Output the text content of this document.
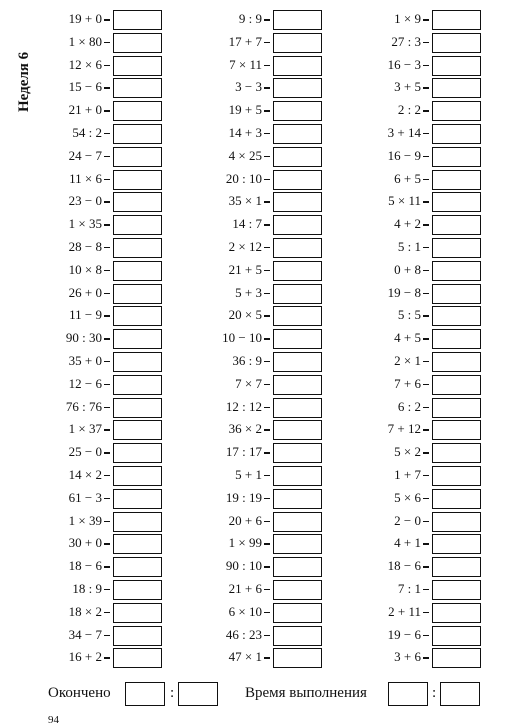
Неделя 6
19 + 0
1 × 80
12 × 6
15 − 6
21 + 0
54 : 2
24 − 7
11 × 6
23 − 0
1 × 35
28 − 8
10 × 8
26 + 0
11 − 9
90 : 30
35 + 0
12 − 6
76 : 76
1 × 37
25 − 0
14 × 2
61 − 3
1 × 39
30 + 0
18 − 6
18 : 9
18 × 2
34 − 7
16 + 2
9 : 9
17 + 7
7 × 11
3 − 3
19 + 5
14 + 3
4 × 25
20 : 10
35 × 1
14 : 7
2 × 12
21 + 5
5 + 3
20 × 5
10 − 10
36 : 9
7 × 7
12 : 12
36 × 2
17 : 17
5 + 1
19 : 19
20 + 6
1 × 99
90 : 10
21 + 6
6 × 10
46 : 23
47 × 1
1 × 9
27 : 3
16 − 3
3 + 5
2 : 2
3 + 14
16 − 9
6 + 5
5 × 11
4 + 2
5 : 1
0 + 8
19 − 8
5 : 5
4 + 5
2 × 1
7 + 6
6 : 2
7 + 12
5 × 2
1 + 7
5 × 6
2 − 0
4 + 1
18 − 6
7 : 1
2 + 11
19 − 6
3 + 6
Окончено	:	Время выполнения	:
94
